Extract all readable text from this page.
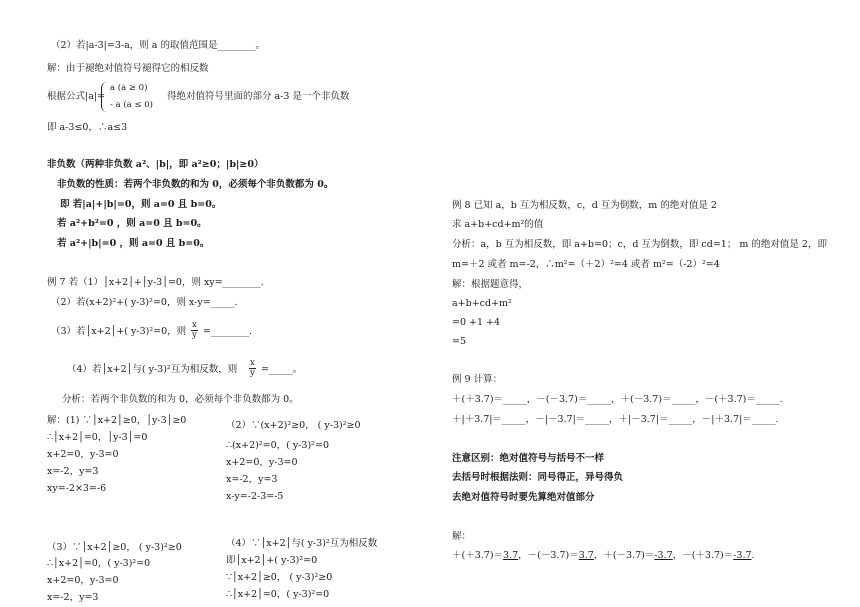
（2）若|a-3|=3-a，则 a 的取值范围是________。
解：由于褪绝对值符号褪得它的相反数
根据公式|a|=
a (a ≥ 0)
- a (a ≤ 0)
得绝对值符号里面的部分 a-3 是一个非负数
即 a-3≤0，∴a≤3
非负数（两种非负数 a²、|b|，即 a²≥0；|b|≥0）
非负数的性质：若两个非负数的和为 0，必须每个非负数都为 0。
即 若|a|+|b|=0，则 a=0 且 b=0。
若 a²+b²=0 ，则 a=0 且 b=0。
若 a²+|b|=0 ，则 a=0 且 b=0。
例 7 若（1）│x+2│+│y-3│=0，则 xy=________.
（2）若(x+2)²+( y-3)²=0，则 x-y=_____.
（3）若│x+2│+( y-3)²=0，则 $\frac{x}{y}$ =________.
（4）若│x+2│与( y-3)²互为相反数，则 $\frac{x}{y}$ =_____。
分析：若两个非负数的和为 0，必须每个非负数都为 0。
解：(1) ∵│x+2│≥0，│y-3│≥0
∴│x+2│=0，│y-3│=0
x+2=0，y-3=0
x=-2，y=3
xy=-2×3=-6
（2）∵(x+2)²≥0， ( y-3)²≥0
∴(x+2)²=0，( y-3)²=0
x+2=0，y-3=0
x=-2，y=3
x-y=-2-3=-5
（3）∵│x+2│≥0， ( y-3)²≥0
∴│x+2│=0，( y-3)²=0
x+2=0，y-3=0
x=-2，y=3
（4）∵│x+2│与( y-3)²互为相反数
即│x+2│+( y-3)²=0
∵│x+2│≥0， ( y-3)²≥0
∴│x+2│=0，( y-3)²=0
例 8 已知 a，b 互为相反数，c，d 互为倒数，m 的绝对值是 2
求 a+b+cd+m²的值
分析：a，b 互为相反数，即 a+b=0；c，d 互为倒数，即 cd=1； m 的绝对值是 2，即
m=＋2 或者 m=-2，∴m²=（＋2）²=4 或者 m²=（-2）²=4
解：根据题意得，
a+b+cd+m²
=0 +1 +4
=5
例 9 计算：
＋(＋3.7)＝_____，－(－3.7)＝_____，＋(－3.7)＝_____，－(＋3.7)＝_____.
＋|＋3.7|＝_____，－|－3.7|＝_____，＋|－3.7|＝_____，－|＋3.7|＝_____.
注意区别：绝对值符号与括号不一样
去括号时根据法则：同号得正，异号得负
去绝对值符号时要先算绝对值部分
解：
＋(＋3.7)＝3.7，－(－3.7)＝3.7，＋(－3.7)＝-3.7，－(＋3.7)＝-3.7.
